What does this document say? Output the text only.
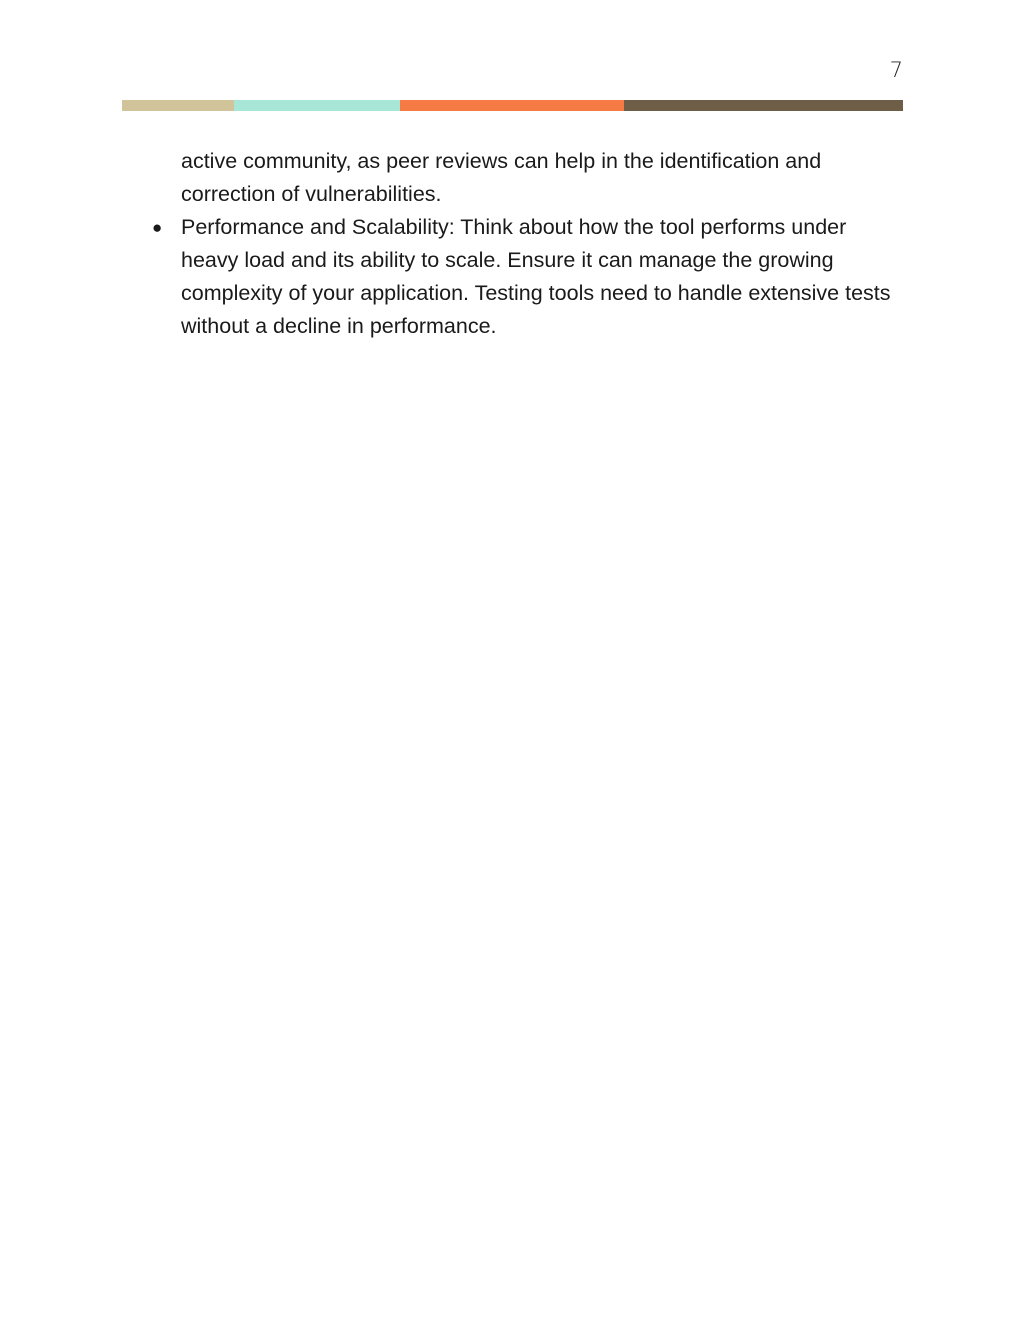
7

active community, as peer reviews can help in the identification and correction of vulnerabilities.

● Performance and Scalability: Think about how the tool performs under heavy load and its ability to scale. Ensure it can manage the growing complexity of your application. Testing tools need to handle extensive tests without a decline in performance.
